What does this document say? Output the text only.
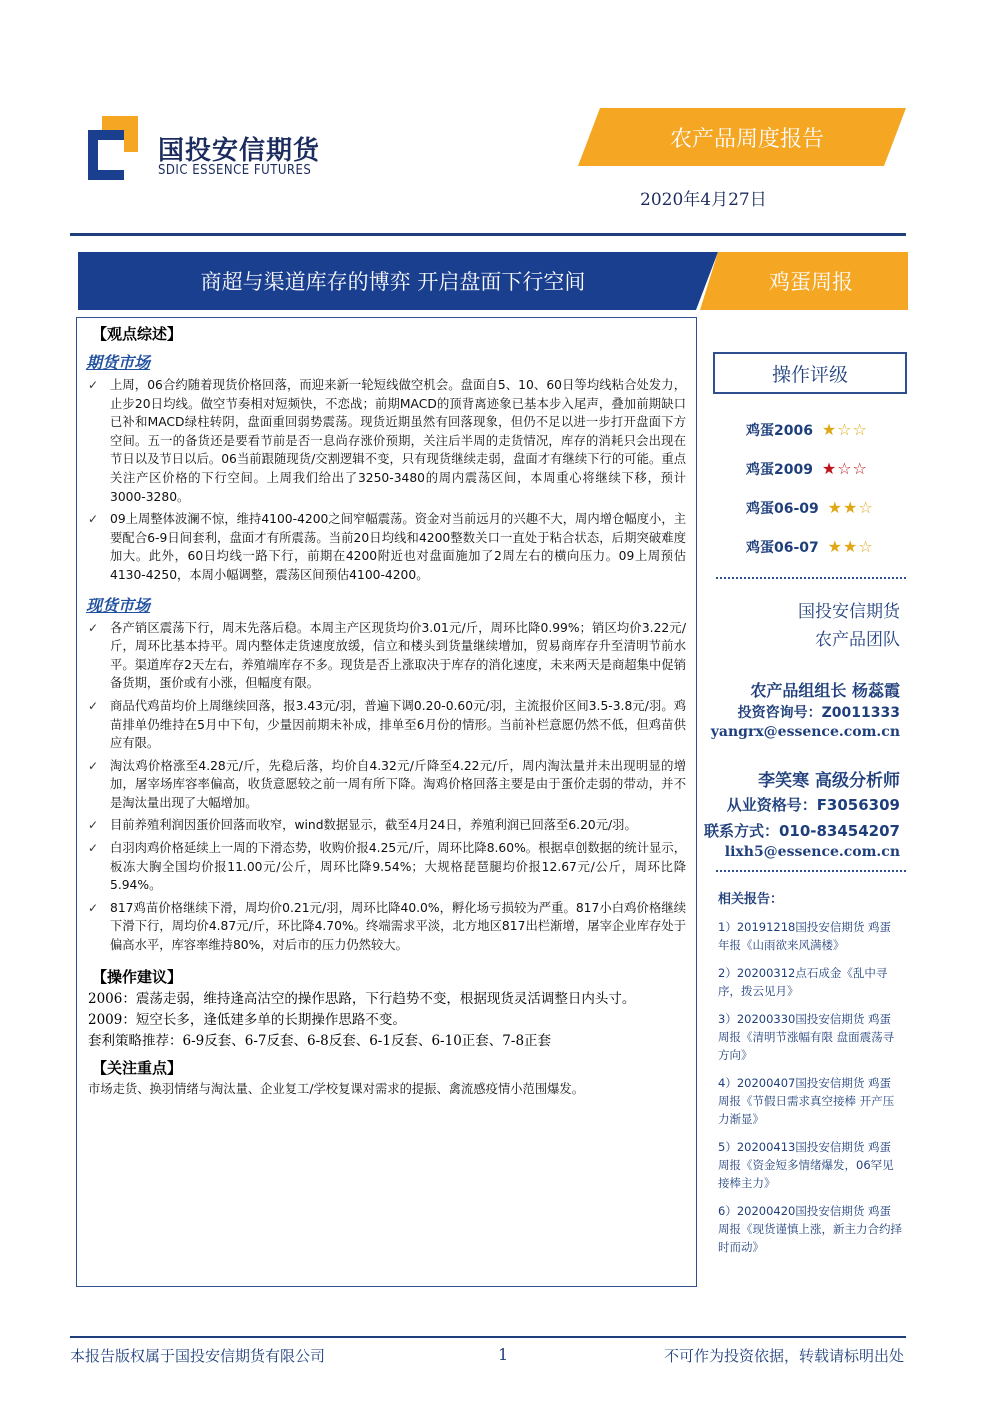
国投安信期货
SDIC ESSENCE FUTURES
农产品周度报告
2020年4月27日
商超与渠道库存的博弈 开启盘面下行空间	鸡蛋周报
【观点综述】
期货市场
✓ 上周，06合约随着现货价格回落，而迎来新一轮短线做空机会。盘面自5、10、60日等均线粘合处发力，止步20日均线。做空节奏相对短频快，不恋战；前期MACD的顶背离迹象已基本步入尾声，叠加前期缺口已补和MACD绿柱转阴，盘面重回弱势震荡。现货近期虽然有回落现象，但仍不足以进一步打开盘面下方空间。五一的备货还是要看节前是否一息尚存涨价预期，关注后半周的走货情况，库存的消耗只会出现在节日以及节日以后。06当前跟随现货/交割逻辑不变，只有现货继续走弱，盘面才有继续下行的可能。重点关注产区价格的下行空间。上周我们给出了3250-3480的周内震荡区间，本周重心将继续下移，预计3000-3280。
✓ 09上周整体波澜不惊，维持4100-4200之间窄幅震荡。资金对当前远月的兴趣不大，周内增仓幅度小，主要配合6-9日间套利，盘面才有所震荡。当前20日均线和4200整数关口一直处于粘合状态，后期突破难度加大。此外，60日均线一路下行，前期在4200附近也对盘面施加了2周左右的横向压力。09上周预估4130-4250，本周小幅调整，震荡区间预估4100-4200。
现货市场
✓ 各产销区震荡下行，周末先落后稳。本周主产区现货均价3.01元/斤，周环比降0.99%；销区均价3.22元/斤，周环比基本持平。周内整体走货速度放缓，信立和楼头到货量继续增加，贸易商库存升至清明节前水平。渠道库存2天左右，养殖端库存不多。现货是否上涨取决于库存的消化速度，未来两天是商超集中促销备货期，蛋价或有小涨，但幅度有限。
✓ 商品代鸡苗均价上周继续回落，报3.43元/羽，普遍下调0.20-0.60元/羽，主流报价区间3.5-3.8元/羽。鸡苗排单仍维持在5月中下旬，少量因前期未补成，排单至6月份的情形。当前补栏意愿仍然不低，但鸡苗供应有限。
✓ 淘汰鸡价格涨至4.28元/斤，先稳后落，均价自4.32元/斤降至4.22元/斤，周内淘汰量并未出现明显的增加，屠宰场库容率偏高，收货意愿较之前一周有所下降。淘鸡价格回落主要是由于蛋价走弱的带动，并不是淘汰量出现了大幅增加。
✓ 目前养殖利润因蛋价回落而收窄，wind数据显示，截至4月24日，养殖利润已回落至6.20元/羽。
✓ 白羽肉鸡价格延续上一周的下滑态势，收购价报4.25元/斤，周环比降8.60%。根据卓创数据的统计显示，板冻大胸全国均价报11.00元/公斤，周环比降9.54%；大规格琵琶腿均价报12.67元/公斤，周环比降5.94%。
✓ 817鸡苗价格继续下滑，周均价0.21元/羽，周环比降40.0%，孵化场亏损较为严重。817小白鸡价格继续下滑下行，周均价4.87元/斤，环比降4.70%。终端需求平淡，北方地区817出栏渐增，屠宰企业库存处于偏高水平，库容率维持80%，对后市的压力仍然较大。
【操作建议】
2006：震荡走弱，维持逢高沽空的操作思路，下行趋势不变，根据现货灵活调整日内头寸。
2009：短空长多，逢低建多单的长期操作思路不变。
套利策略推荐：6-9反套、6-7反套、6-8反套、6-1反套、6-10正套、7-8正套
【关注重点】
市场走货、换羽情绪与淘汰量、企业复工/学校复课对需求的提振、禽流感疫情小范围爆发。
操作评级
鸡蛋2006 ★☆☆
鸡蛋2009 ★☆☆
鸡蛋06-09 ★★☆
鸡蛋06-07 ★★☆
国投安信期货
农产品团队
农产品组组长 杨蕊霞
投资咨询号：Z0011333
yangrx@essence.com.cn
李笑寒 高级分析师
从业资格号：F3056309
联系方式：010-83454207
lixh5@essence.com.cn
相关报告：
1）20191218国投安信期货 鸡蛋年报《山雨欲来风满楼》
2）20200312点石成金《乱中寻序，拨云见月》
3）20200330国投安信期货 鸡蛋周报《清明节涨幅有限 盘面震荡寻方向》
4）20200407国投安信期货 鸡蛋周报《节假日需求真空接棒 开产压力渐显》
5）20200413国投安信期货 鸡蛋周报《资金短多情绪爆发，06罕见接棒主力》
6）20200420国投安信期货 鸡蛋周报《现货谨慎上涨，新主力合约择时而动》
本报告版权属于国投安信期货有限公司	1	不可作为投资依据，转载请标明出处
